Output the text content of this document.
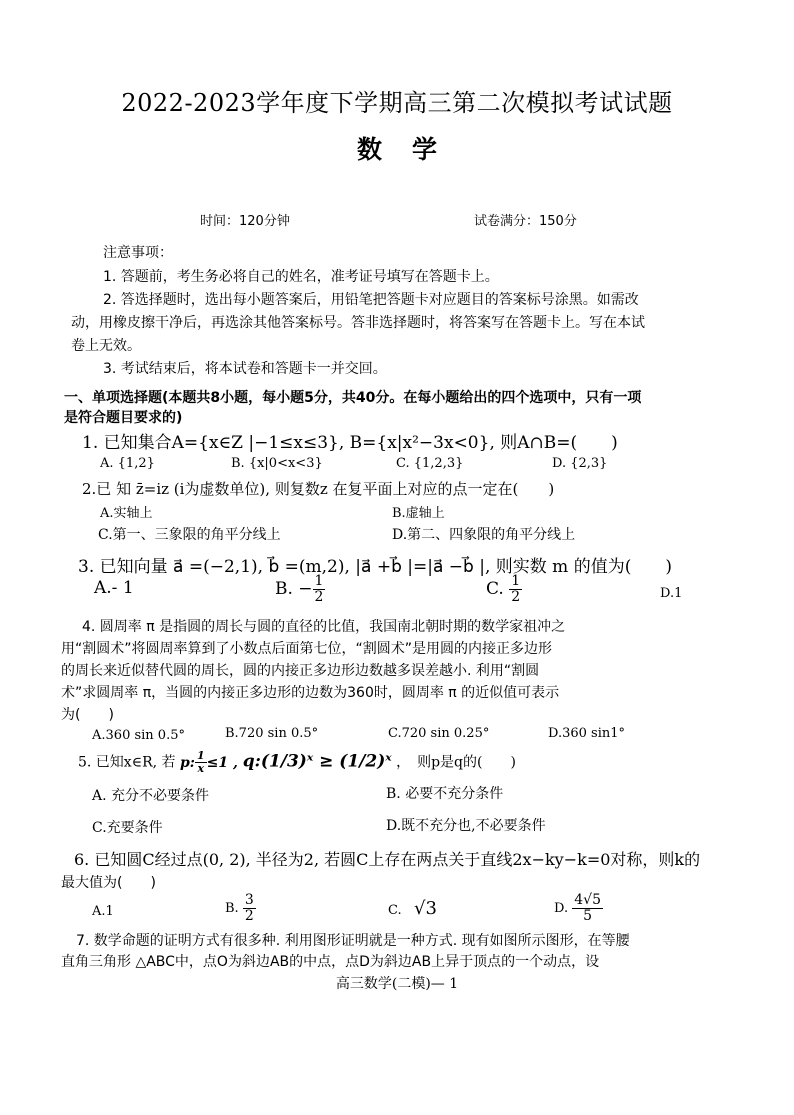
2022-2023学年度下学期高三第二次模拟考试试题
数学
时间：120分钟	试卷满分：150分
注意事项：
1. 答题前，考生务必将自己的姓名，准考证号填写在答题卡上。
2. 答选择题时，选出每小题答案后，用铅笔把答题卡对应题目的答案标号涂黑。如需改
动，用橡皮擦干净后，再选涂其他答案标号。答非选择题时，将答案写在答题卡上。写在本试
卷上无效。
3. 考试结束后，将本试卷和答题卡一并交回。
一、单项选择题(本题共8小题，每小题5分，共40分。在每小题给出的四个选项中，只有一项
是符合题目要求的)
1. 已知集合A={x∈Z |−1≤x≤3}, B={x|x²−3x<0}, 则A∩B=(　　)
A. {1,2}	B. {x|0<x<3}	C. {1,2,3}	D. {2,3}
2.已 知 z̄=iz (i为虚数单位), 则复数z 在复平面上对应的点一定在(　　)
A.实轴上	B.虚轴上
C.第一、三象限的角平分线上	D.第二、四象限的角平分线上
3. 已知向量 a⃗ =(−2,1), b⃗ =(m,2), |a⃗ +b⃗ |=|a⃗ −b⃗ |, 则实数 m 的值为(　　)
A.- 1	B. − $\frac{1}{2}$	C. $\frac{1}{2}$	D.1
4. 圆周率 π 是指圆的周长与圆的直径的比值，我国南北朝时期的数学家祖冲之
用“割圆术”将圆周率算到了小数点后面第七位，“割圆术”是用圆的内接正多边形
的周长来近似替代圆的周长，圆的内接正多边形边数越多误差越小. 利用“割圆
术”求圆周率 π，当圆的内接正多边形的边数为360时，圆周率 π 的近似值可表示
为(　　)
A.360 sin 0.5°	B.720 sin 0.5°	C.720 sin 0.25°	D.360 sin1°
5. 已知x∈R, 若 p: $\frac{1}{x} \le 1$ , q:(1/3)ˣ ≥ (1/2)ˣ ，　则p是q的(　　)
A. 充分不必要条件	B. 必要不充分条件
C.充要条件	D.既不充分也,不必要条件
6. 已知圆C经过点(0, 2), 半径为2, 若圆C上存在两点关于直线2x−ky−k=0对称，则k的
最大值为(　　)
A.1	B. $\frac{3}{2}$	C. √3	D. $\frac{4√5}{5}$
7. 数学命题的证明方式有很多种. 利用图形证明就是一种方式. 现有如图所示图形，在等腰
直角三角形 △ABC中，点O为斜边AB的中点，点D为斜边AB上异于顶点的一个动点，设
高三数学(二模)— 1
